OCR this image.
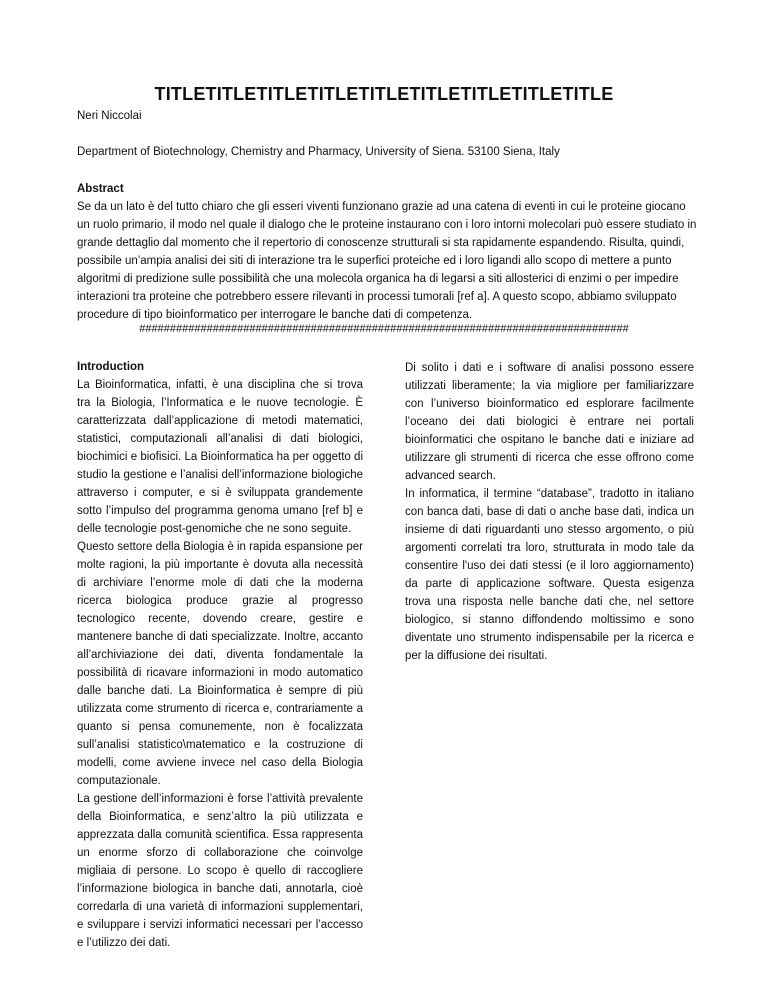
TITLETITLETITLETITLETITLETITLETITLETITLETITLE
Neri Niccolai
Department of Biotechnology, Chemistry and Pharmacy, University of Siena. 53100 Siena, Italy
Abstract
Se da un lato è del tutto chiaro che gli esseri viventi funzionano grazie ad una catena di eventi in cui le proteine giocano un ruolo primario, il modo nel quale il dialogo che le proteine instaurano con i loro intorni molecolari può essere studiato in grande dettaglio dal momento che il repertorio di conoscenze strutturali si sta rapidamente espandendo. Risulta, quindi, possibile un’ampia analisi dei siti di interazione tra le superfici proteiche ed i loro ligandi allo scopo di mettere a punto algoritmi di predizione sulle possibilità che una molecola organica ha di legarsi a siti allosterici di enzimi o per impedire interazioni tra proteine che potrebbero essere rilevanti in processi tumorali [ref a]. A questo scopo, abbiamo sviluppato procedure di tipo bioinformatico per interrogare le banche dati di competenza.
################################################################################
Introduction

La Bioinformatica, infatti, è una disciplina che si trova tra la Biologia, l’Informatica e le nuove tecnologie. È caratterizzata dall’applicazione di metodi matematici, statistici, computazionali all’analisi di dati biologici, biochimici e biofisici. La Bioinformatica ha per oggetto di studio la gestione e l’analisi dell’informazione biologiche attraverso i computer, e si è sviluppata grandemente sotto l’impulso del programma genoma umano [ref b] e delle tecnologie post-genomiche che ne sono seguite.

Questo settore della Biologia è in rapida espansione per molte ragioni, la più importante è dovuta alla necessità di archiviare l’enorme mole di dati che la moderna ricerca biologica produce grazie al progresso tecnologico recente, dovendo creare, gestire e mantenere banche di dati specializzate. Inoltre, accanto all’archiviazione dei dati, diventa fondamentale la possibilità di ricavare informazioni in modo automatico dalle banche dati. La Bioinformatica è sempre di più utilizzata come strumento di ricerca e, contrariamente a quanto si pensa comunemente, non è focalizzata sull’analisi statistico\matematico e la costruzione di modelli, come avviene invece nel caso della Biologia computazionale.

La gestione dell’informazioni è forse l’attività prevalente della Bioinformatica, e senz’altro la più utilizzata e apprezzata dalla comunità scientifica. Essa rappresenta un enorme sforzo di collaborazione che coinvolge migliaia di persone. Lo scopo è quello di raccogliere l’informazione biologica in banche dati, annotarla, cioè corredarla di una varietà di informazioni supplementari, e sviluppare i servizi informatici necessari per l’accesso e l’utilizzo dei dati.

Di solito i dati e i software di analisi possono essere utilizzati liberamente; la via migliore per familiarizzare con l’universo bioinformatico ed esplorare facilmente l’oceano dei dati biologici è entrare nei portali bioinformatici che ospitano le banche dati e iniziare ad utilizzare gli strumenti di ricerca che esse offrono come advanced search.

In informatica, il termine “database”, tradotto in italiano con banca dati, base di dati o anche base dati, indica un insieme di dati riguardanti uno stesso argomento, o più argomenti correlati tra loro, strutturata in modo tale da consentire l'uso dei dati stessi (e il loro aggiornamento) da parte di applicazione software. Questa esigenza trova una risposta nelle banche dati che, nel settore biologico, si stanno diffondendo moltissimo e sono diventate uno strumento indispensabile per la ricerca e per la diffusione dei risultati.
